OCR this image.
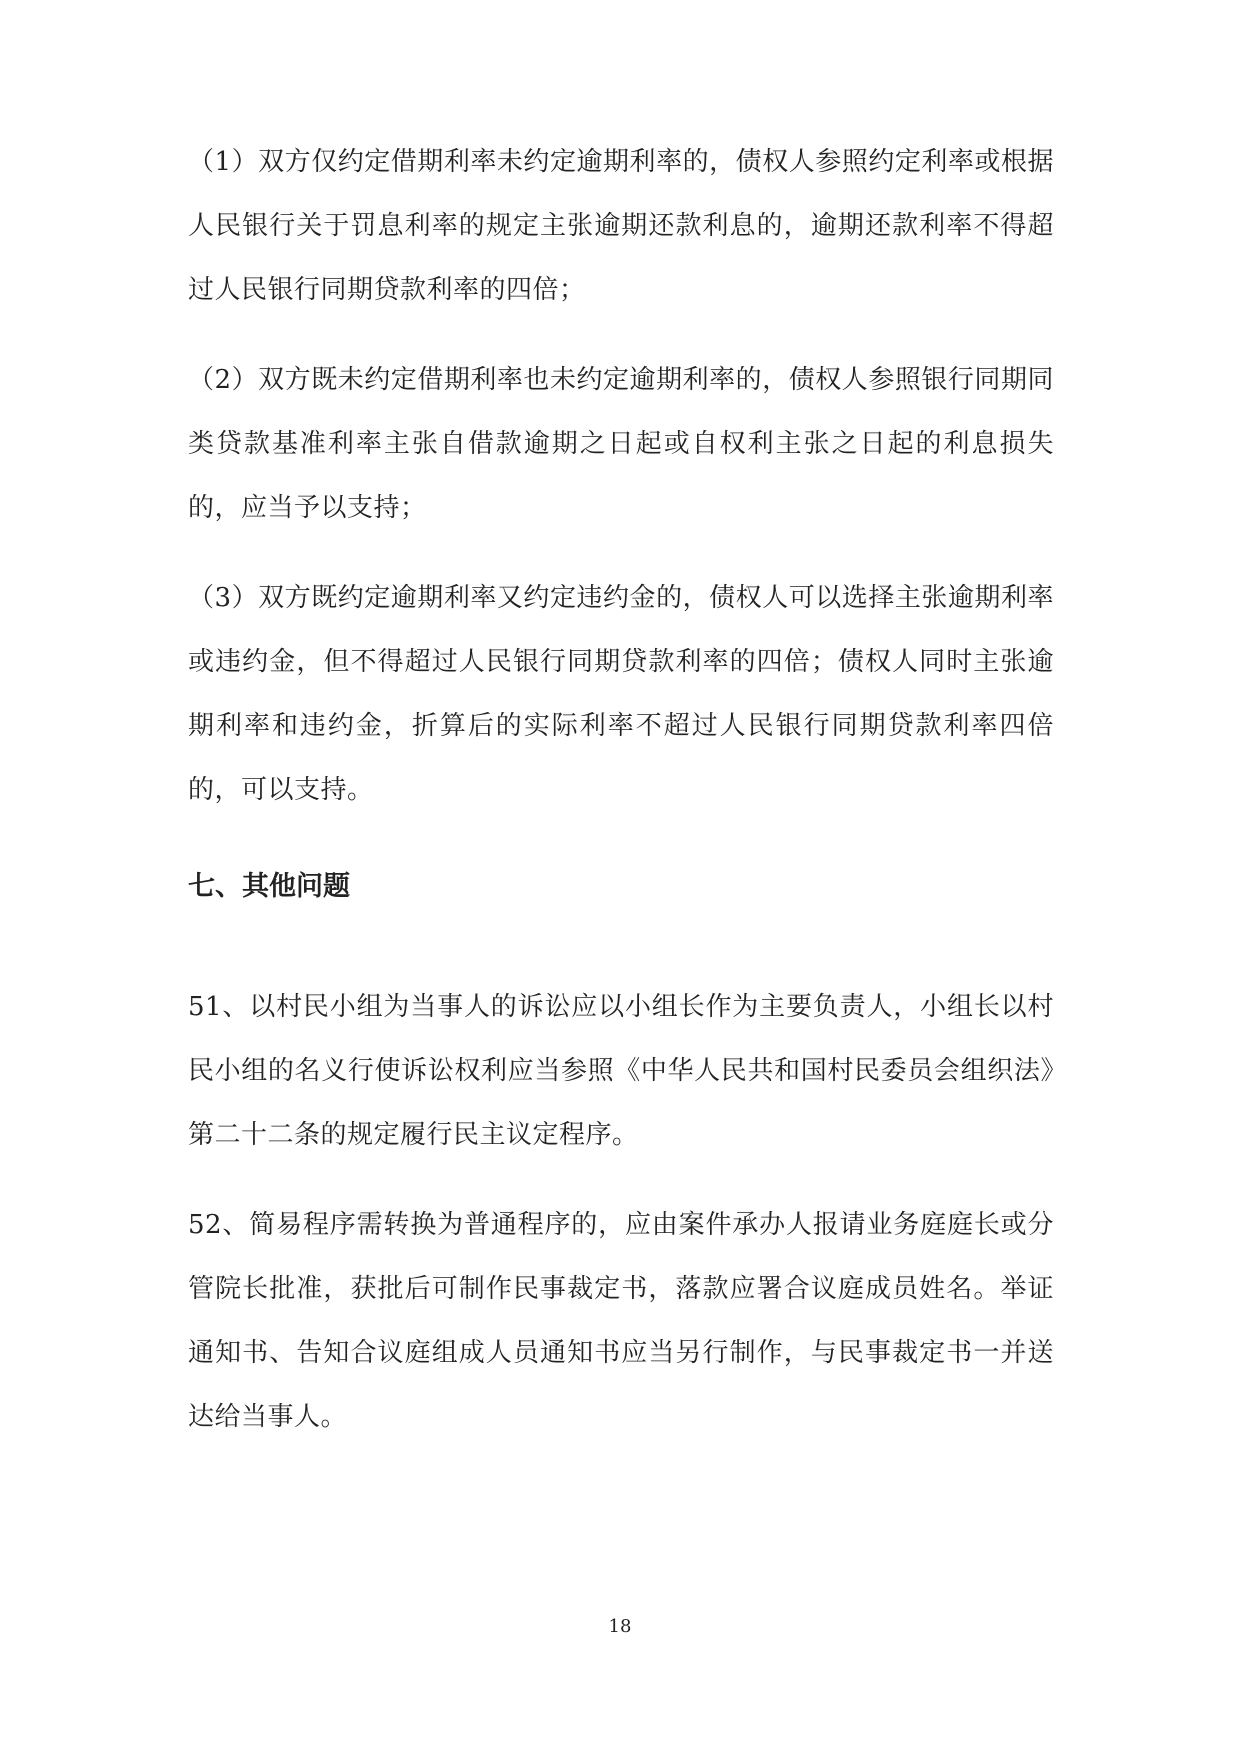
（1）双方仅约定借期利率未约定逾期利率的，债权人参照约定利率或根据人民银行关于罚息利率的规定主张逾期还款利息的，逾期还款利率不得超过人民银行同期贷款利率的四倍；

（2）双方既未约定借期利率也未约定逾期利率的，债权人参照银行同期同类贷款基准利率主张自借款逾期之日起或自权利主张之日起的利息损失的，应当予以支持；

（3）双方既约定逾期利率又约定违约金的，债权人可以选择主张逾期利率或违约金，但不得超过人民银行同期贷款利率的四倍；债权人同时主张逾期利率和违约金，折算后的实际利率不超过人民银行同期贷款利率四倍的，可以支持。

七、其他问题

51、以村民小组为当事人的诉讼应以小组长作为主要负责人，小组长以村民小组的名义行使诉讼权利应当参照《中华人民共和国村民委员会组织法》第二十二条的规定履行民主议定程序。

52、简易程序需转换为普通程序的，应由案件承办人报请业务庭庭长或分管院长批准，获批后可制作民事裁定书，落款应署合议庭成员姓名。举证通知书、告知合议庭组成人员通知书应当另行制作，与民事裁定书一并送达给当事人。

18
